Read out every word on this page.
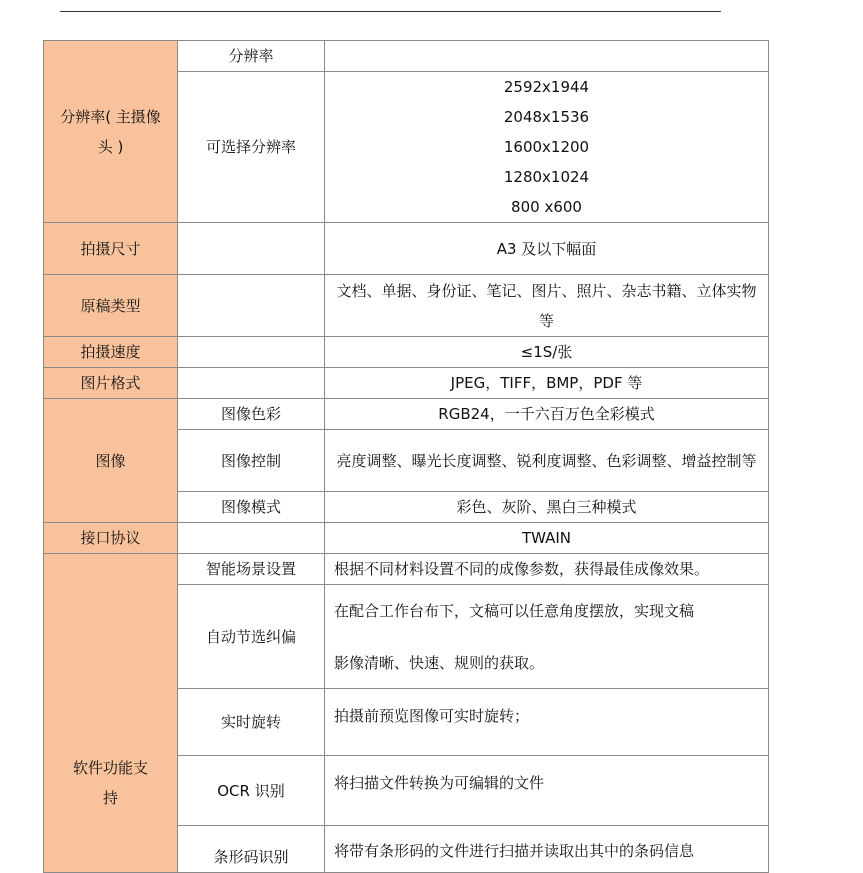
分辨率( 主摄像头 )	分辨率	
	可选择分辨率	2592x1944
2048x1536
1600x1200
1280x1024
800 x600

拍摄尺寸		A3 及以下幅面
原稿类型		文档、单据、身份证、笔记、图片、照片、杂志书籍、立体实物等

拍摄速度		≤1S/张
图片格式		JPEG，TIFF，BMP，PDF 等
图像	图像色彩	RGB24，一千六百万色全彩模式
	图像控制	亮度调整、曝光长度调整、锐利度调整、色彩调整、增益控制等

	图像模式	彩色、灰阶、黑白三种模式
接口协议		TWAIN

软件功能支持	智能场景设置	根据不同材料设置不同的成像参数，获得最佳成像效果。
	自动节选纠偏	在配合工作台布下，文稿可以任意角度摆放，实现文稿
影像清晰、快速、规则的获取。

	实时旋转	拍摄前预览图像可实时旋转；

	OCR 识别	将扫描文件转换为可编辑的文件

	条形码识别	将带有条形码的文件进行扫描并读取出其中的条码信息
